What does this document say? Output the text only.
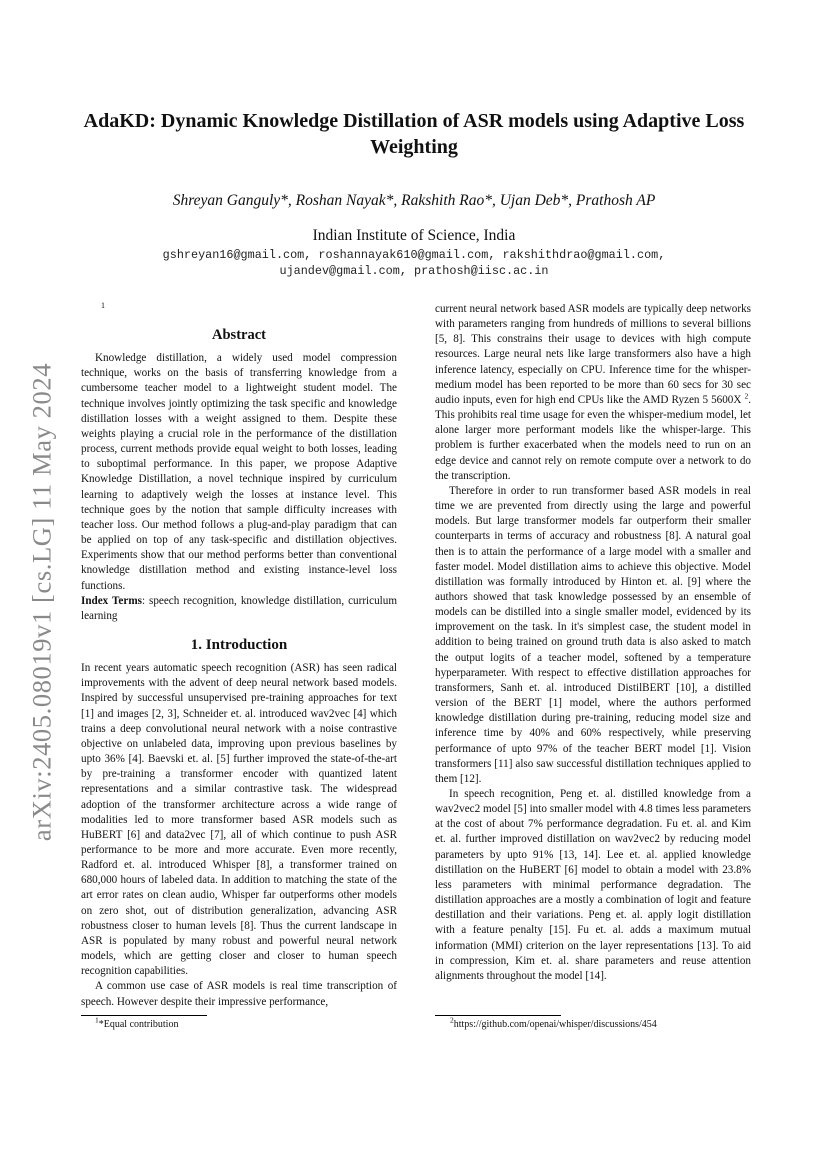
arXiv:2405.08019v1 [cs.LG] 11 May 2024
AdaKD: Dynamic Knowledge Distillation of ASR models using Adaptive Loss Weighting
Shreyan Ganguly*, Roshan Nayak*, Rakshith Rao*, Ujan Deb*, Prathosh AP
Indian Institute of Science, India
gshreyan16@gmail.com, roshannayak610@gmail.com, rakshithdrao@gmail.com,
ujandev@gmail.com, prathosh@iisc.ac.in
1
Abstract

Knowledge distillation, a widely used model compression technique, works on the basis of transferring knowledge from a cumbersome teacher model to a lightweight student model. The technique involves jointly optimizing the task specific and knowledge distillation losses with a weight assigned to them. Despite these weights playing a crucial role in the performance of the distillation process, current methods provide equal weight to both losses, leading to suboptimal performance. In this paper, we propose Adaptive Knowledge Distillation, a novel technique inspired by curriculum learning to adaptively weigh the losses at instance level. This technique goes by the notion that sample difficulty increases with teacher loss. Our method follows a plug-and-play paradigm that can be applied on top of any task-specific and distillation objectives. Experiments show that our method performs better than conventional knowledge distillation method and existing instance-level loss functions.

Index Terms: speech recognition, knowledge distillation, curriculum learning

1. Introduction

In recent years automatic speech recognition (ASR) has seen radical improvements with the advent of deep neural network based models. Inspired by successful unsupervised pre-training approaches for text [1] and images [2, 3], Schneider et. al. introduced wav2vec [4] which trains a deep convolutional neural network with a noise contrastive objective on unlabeled data, improving upon previous baselines by upto 36% [4]. Baevski et. al. [5] further improved the state-of-the-art by pre-training a transformer encoder with quantized latent representations and a similar contrastive task. The widespread adoption of the transformer architecture across a wide range of modalities led to more transformer based ASR models such as HuBERT [6] and data2vec [7], all of which continue to push ASR performance to be more and more accurate. Even more recently, Radford et. al. introduced Whisper [8], a transformer trained on 680,000 hours of labeled data. In addition to matching the state of the art error rates on clean audio, Whisper far outperforms other models on zero shot, out of distribution generalization, advancing ASR robustness closer to human levels [8]. Thus the current landscape in ASR is populated by many robust and powerful neural network models, which are getting closer and closer to human speech recognition capabilities.

A common use case of ASR models is real time transcription of speech. However despite their impressive performance,

current neural network based ASR models are typically deep networks with parameters ranging from hundreds of millions to several billions [5, 8]. This constrains their usage to devices with high compute resources. Large neural nets like large transformers also have a high inference latency, especially on CPU. Inference time for the whisper-medium model has been reported to be more than 60 secs for 30 sec audio inputs, even for high end CPUs like the AMD Ryzen 5 5600X $^2$. This prohibits real time usage for even the whisper-medium model, let alone larger more performant models like the whisper-large. This problem is further exacerbated when the models need to run on an edge device and cannot rely on remote compute over a network to do the transcription.

Therefore in order to run transformer based ASR models in real time we are prevented from directly using the large and powerful models. But large transformer models far outperform their smaller counterparts in terms of accuracy and robustness [8]. A natural goal then is to attain the performance of a large model with a smaller and faster model. Model distillation aims to achieve this objective. Model distillation was formally introduced by Hinton et. al. [9] where the authors showed that task knowledge possessed by an ensemble of models can be distilled into a single smaller model, evidenced by its improvement on the task. In it's simplest case, the student model in addition to being trained on ground truth data is also asked to match the output logits of a teacher model, softened by a temperature hyperparameter. With respect to effective distillation approaches for transformers, Sanh et. al. introduced DistilBERT [10], a distilled version of the BERT [1] model, where the authors performed knowledge distillation during pre-training, reducing model size and inference time by 40% and 60% respectively, while preserving performance of upto 97% of the teacher BERT model [1]. Vision transformers [11] also saw successful distillation techniques applied to them [12].

In speech recognition, Peng et. al. distilled knowledge from a wav2vec2 model [5] into smaller model with 4.8 times less parameters at the cost of about 7% performance degradation. Fu et. al. and Kim et. al. further improved distillation on wav2vec2 by reducing model parameters by upto 91% [13, 14]. Lee et. al. applied knowledge distillation on the HuBERT [6] model to obtain a model with 23.8% less parameters with minimal performance degradation. The distillation approaches are a mostly a combination of logit and feature destillation and their variations. Peng et. al. apply logit distillation with a feature penalty [15]. Fu et. al. adds a maximum mutual information (MMI) criterion on the layer representations [13]. To aid in compression, Kim et. al. share parameters and reuse attention alignments throughout the model [14].

$^1$*Equal contribution	$^2$https://github.com/openai/whisper/discussions/454
